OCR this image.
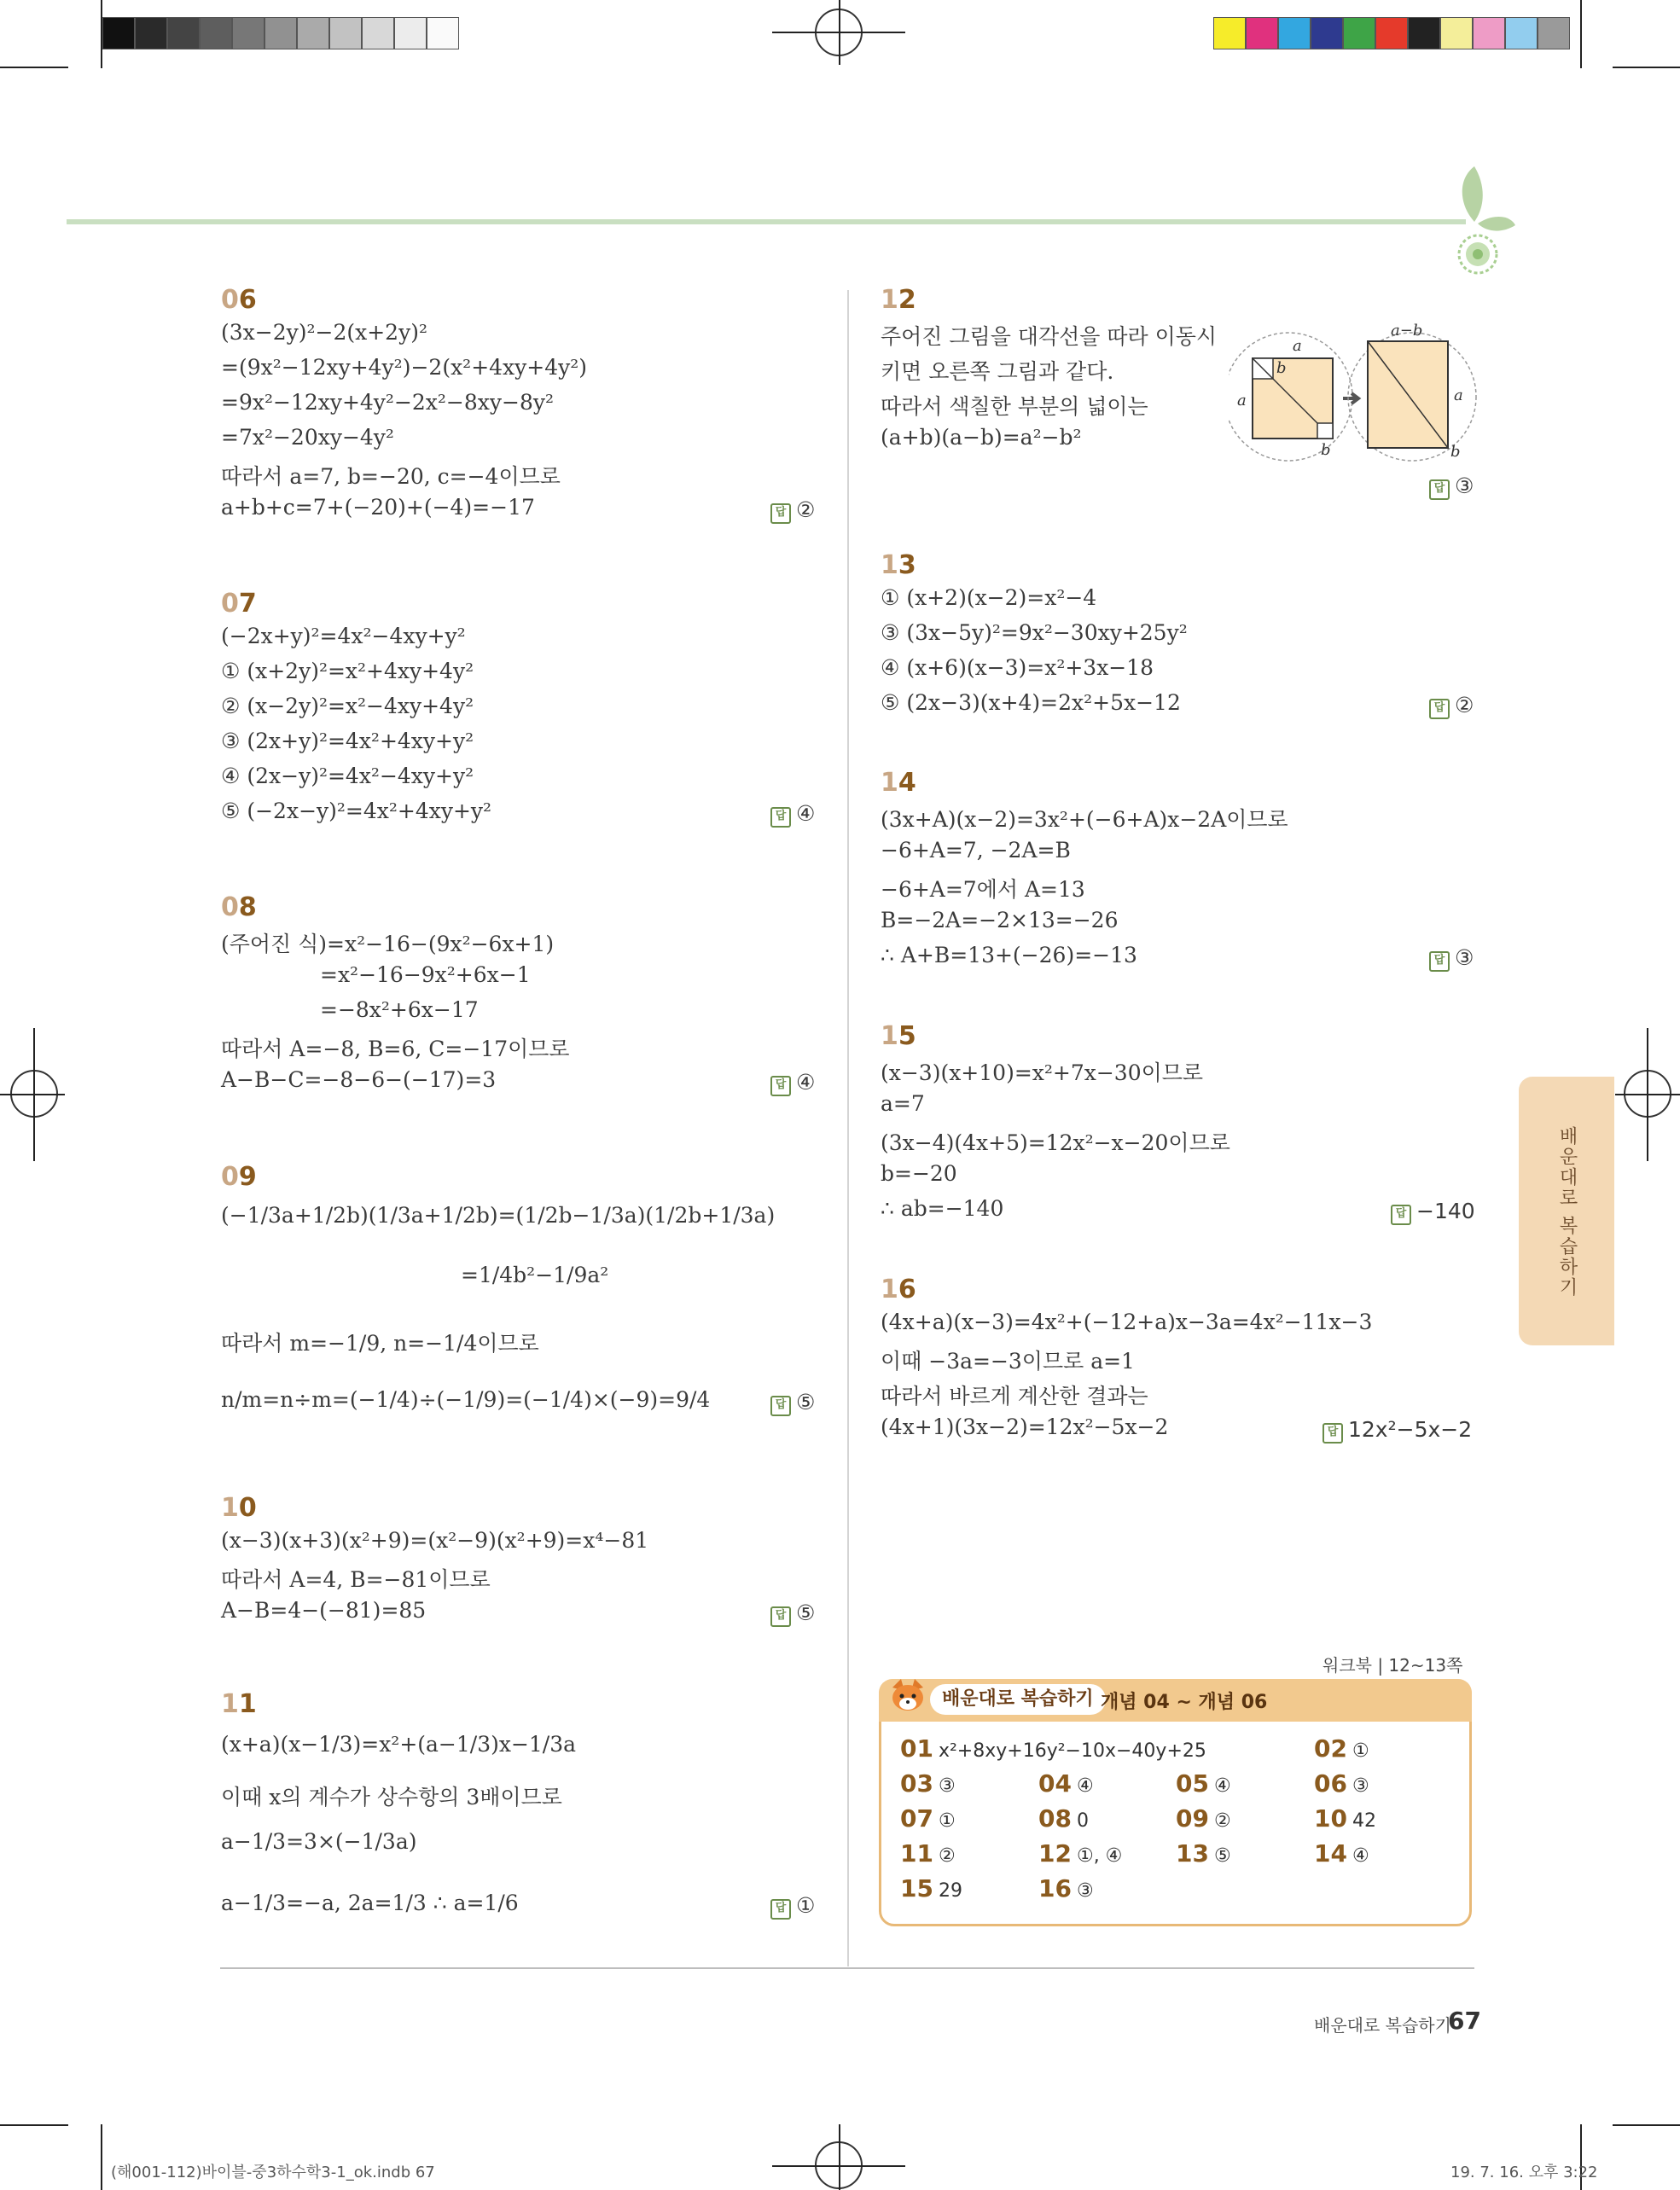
06
(3x−2y)²−2(x+2y)²
=(9x²−12xy+4y²)−2(x²+4xy+4y²)
=9x²−12xy+4y²−2x²−8xy−8y²
=7x²−20xy−4y²
따라서 a=7, b=−20, c=−4이므로
a+b+c=7+(−20)+(−4)=−17	답 ②
07
(−2x+y)²=4x²−4xy+y²
① (x+2y)²=x²+4xy+4y²
② (x−2y)²=x²−4xy+4y²
③ (2x+y)²=4x²+4xy+y²
④ (2x−y)²=4x²−4xy+y²
⑤ (−2x−y)²=4x²+4xy+y²	답 ④
08
(주어진 식)=x²−16−(9x²−6x+1)
=x²−16−9x²+6x−1
=−8x²+6x−17
따라서 A=−8, B=6, C=−17이므로
A−B−C=−8−6−(−17)=3	답 ④
09
(−1/3a+1/2b)(1/3a+1/2b)=(1/2b−1/3a)(1/2b+1/3a)
=1/4b²−1/9a²
따라서 m=−1/9, n=−1/4이므로
n/m=n÷m=(−1/4)÷(−1/9)=(−1/4)×(−9)=9/4	답 ⑤
10
(x−3)(x+3)(x²+9)=(x²−9)(x²+9)=x⁴−81
따라서 A=4, B=−81이므로
A−B=4−(−81)=85	답 ⑤
11
(x+a)(x−1/3)=x²+(a−1/3)x−1/3a
이때 x의 계수가 상수항의 3배이므로
a−1/3=3×(−1/3a)
a−1/3=−a, 2a=1/3 ∴ a=1/6	답 ①
12
주어진 그림을 대각선을 따라 이동시
키면 오른쪽 그림과 같다.
따라서 색칠한 부분의 넓이는
(a+b)(a−b)=a²−b²
a
a
b
b
a−b
a
b
답 ③
13
① (x+2)(x−2)=x²−4
③ (3x−5y)²=9x²−30xy+25y²
④ (x+6)(x−3)=x²+3x−18
⑤ (2x−3)(x+4)=2x²+5x−12	답 ②
14
(3x+A)(x−2)=3x²+(−6+A)x−2A이므로
−6+A=7, −2A=B
−6+A=7에서 A=13
B=−2A=−2×13=−26
∴ A+B=13+(−26)=−13	답 ③
15
(x−3)(x+10)=x²+7x−30이므로
a=7
(3x−4)(4x+5)=12x²−x−20이므로
b=−20
∴ ab=−140	답 −140
16
(4x+a)(x−3)=4x²+(−12+a)x−3a=4x²−11x−3
이때 −3a=−3이므로 a=1
따라서 바르게 계산한 결과는
(4x+1)(3x−2)=12x²−5x−2	답 12x²−5x−2
배운대로 복습하기
워크북 | 12~13쪽
배운대로 복습하기 개념 04 ~ 개념 06
01 x²+8xy+16y²−10x−40y+25	02 ①
03 ③	04 ④	05 ④	06 ③
07 ①	08 0	09 ②	10 42
11 ②	12 ①, ④ 13 ⑤	14 ④
15 29	16 ③
배운대로 복습하기
67
(해001-112)바이블-중3하수학3-1_ok.indb 67	19. 7. 16. 오후 3:22
